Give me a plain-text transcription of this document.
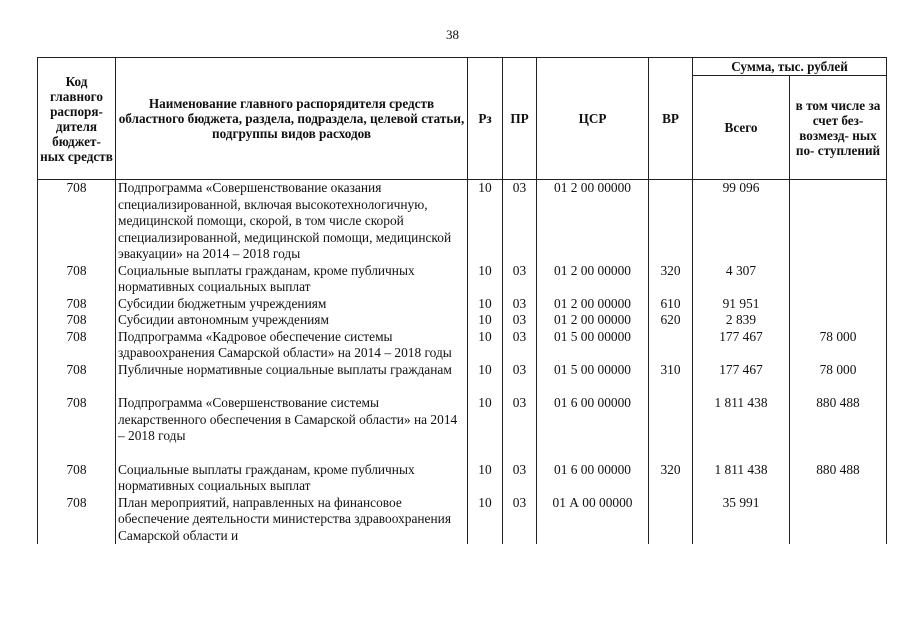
38
Код главного распоря- дителя бюджет- ных средств	Наименование главного распорядителя средств областного бюджета, раздела, подраздела, целевой статьи, подгруппы видов расходов	Рз	ПР	ЦСР	ВР	Сумма, тыс. рублей	
						Всего	в том числе за счет без- возмезд- ных по- ступлений
708	Подпрограмма «Совершенствование оказания специализированной, включая высокотехнологичную, медицинской помощи, скорой, в том числе скорой специализированной, медицинской помощи, медицинской эвакуации» на 2014 – 2018 годы	10	03	01 2 00 00000		99 096	
708	Социальные выплаты гражданам, кроме публичных нормативных социальных выплат	10	03	01 2 00 00000	320	4 307	
708	Субсидии бюджетным учреждениям	10	03	01 2 00 00000	610	91 951	
708	Субсидии автономным учреждениям	10	03	01 2 00 00000	620	2 839	
708	Подпрограмма «Кадровое обеспечение системы здравоохранения Самарской области» на 2014 – 2018 годы	10	03	01 5 00 00000		177 467	78 000
708	Публичные нормативные социальные выплаты гражданам	10	03	01 5 00 00000	310	177 467	78 000
708	Подпрограмма «Совершенствование системы лекарственного обеспечения в Самарской области» на 2014 – 2018 годы	10	03	01 6 00 00000		1 811 438	880 488
708	Социальные выплаты гражданам, кроме публичных нормативных социальных выплат	10	03	01 6 00 00000	320	1 811 438	880 488
708	План мероприятий, направленных на финансовое обеспечение деятельности министерства здравоохранения Самарской области и	10	03	01 А 00 00000		35 991	
